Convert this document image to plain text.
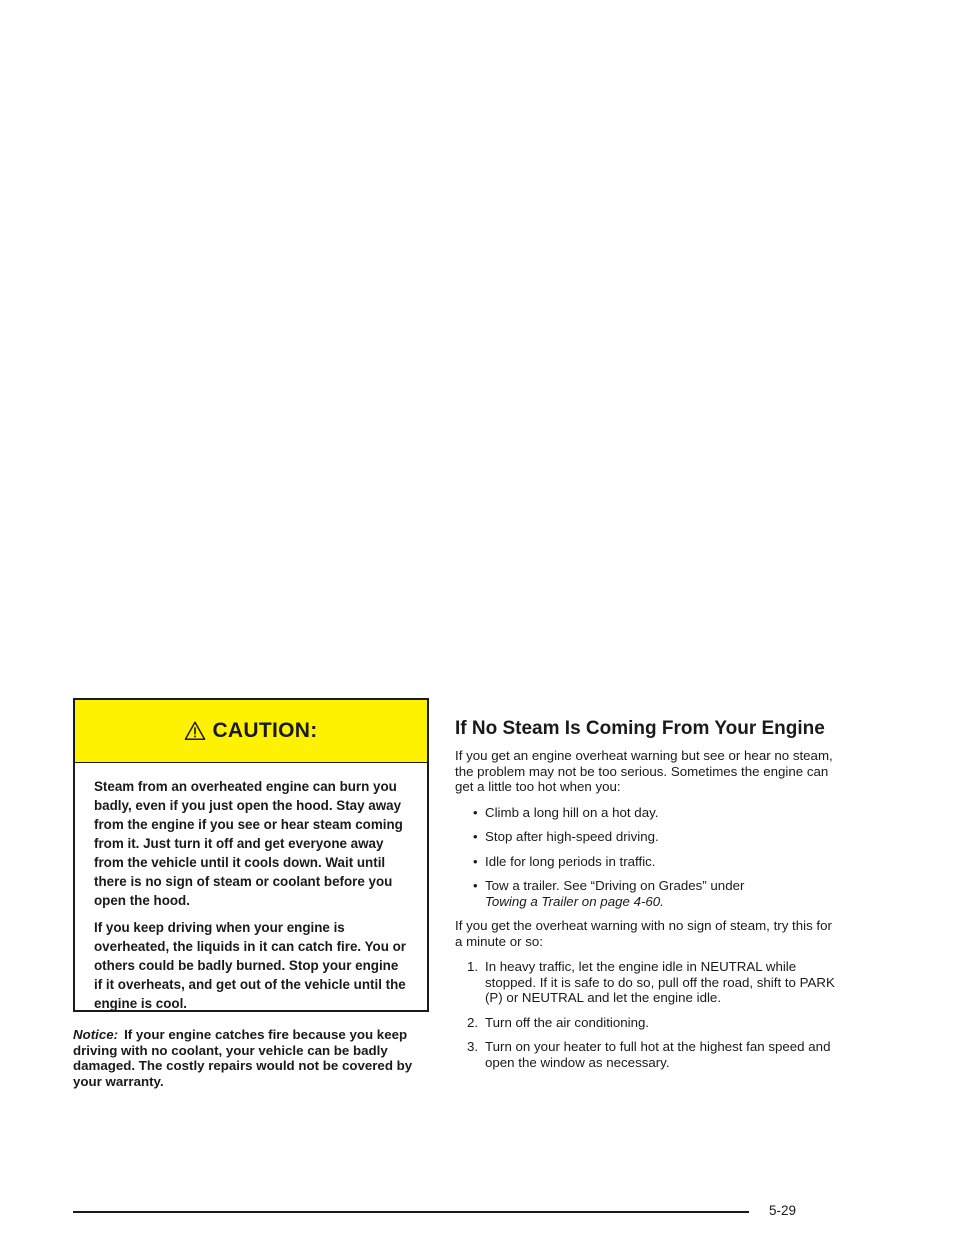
CAUTION:

Steam from an overheated engine can burn you badly, even if you just open the hood. Stay away from the engine if you see or hear steam coming from it. Just turn it off and get everyone away from the vehicle until it cools down. Wait until there is no sign of steam or coolant before you open the hood.

If you keep driving when your engine is overheated, the liquids in it can catch fire. You or others could be badly burned. Stop your engine if it overheats, and get out of the vehicle until the engine is cool.

Notice: If your engine catches fire because you keep driving with no coolant, your vehicle can be badly damaged. The costly repairs would not be covered by your warranty.

If No Steam Is Coming From Your Engine

If you get an engine overheat warning but see or hear no steam, the problem may not be too serious. Sometimes the engine can get a little too hot when you:

• Climb a long hill on a hot day.
• Stop after high-speed driving.
• Idle for long periods in traffic.
• Tow a trailer. See “Driving on Grades” under
Towing a Trailer on page 4-60.

If you get the overheat warning with no sign of steam, try this for a minute or so:

1. In heavy traffic, let the engine idle in NEUTRAL while stopped. If it is safe to do so, pull off the road, shift to PARK (P) or NEUTRAL and let the engine idle.
2. Turn off the air conditioning.
3. Turn on your heater to full hot at the highest fan speed and open the window as necessary.
5-29
